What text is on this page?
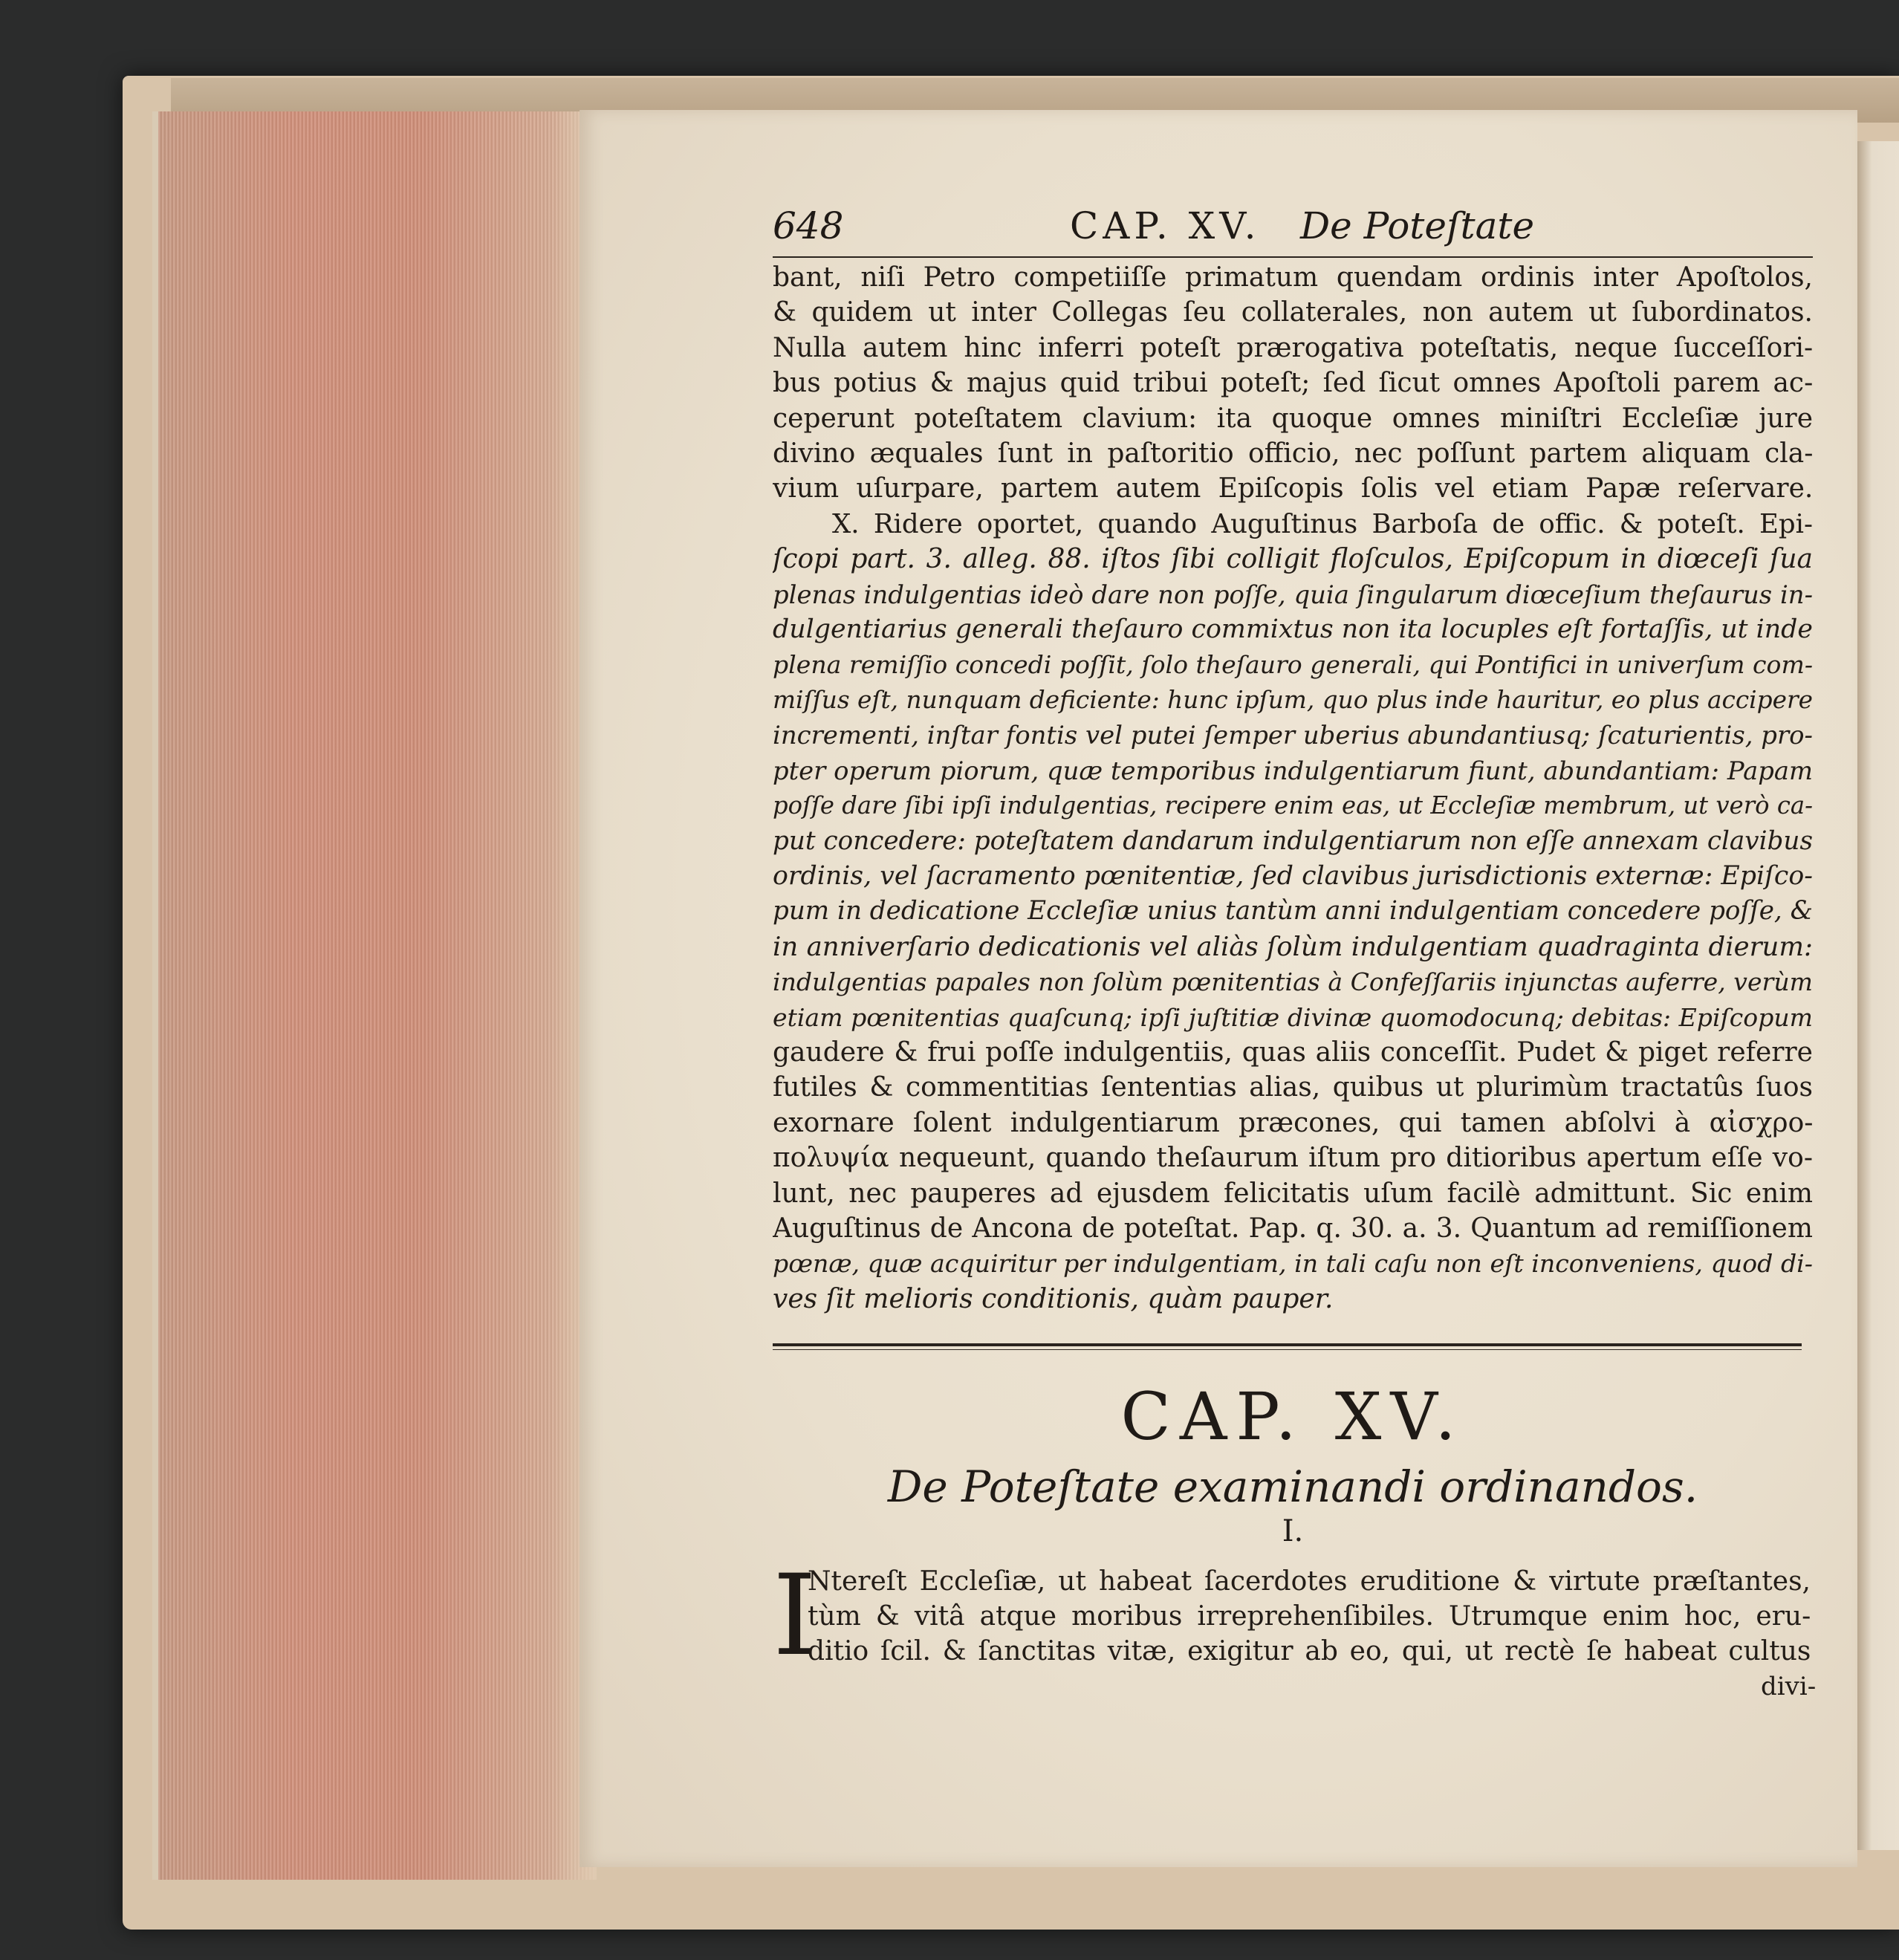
648	CAP. XV. De Poteſtate

bant, niſi Petro competiiſſe primatum quendam ordinis inter Apoſtolos,
& quidem ut inter Collegas ſeu collaterales, non autem ut ſubordinatos.
Nulla autem hinc inferri poteſt prærogativa poteſtatis, neque ſucceſſori-
bus potius & majus quid tribui poteſt; ſed ſicut omnes Apoſtoli parem ac-
ceperunt poteſtatem clavium: ita quoque omnes miniſtri Eccleſiæ jure
divino æquales ſunt in paſtoritio officio, nec poſſunt partem aliquam cla-
vium uſurpare, partem autem Epiſcopis ſolis vel etiam Papæ reſervare.

X. Ridere oportet, quando Auguſtinus Barboſa de offic. & poteſt. Epi-
ſcopi part. 3. alleg. 88. iſtos ſibi colligit floſculos, Epiſcopum in diœceſi ſua
plenas indulgentias ideò dare non poſſe, quia ſingularum diœceſium theſaurus in-
dulgentiarius generali theſauro commixtus non ita locuples eſt fortaſſis, ut inde
plena remiſſio concedi poſſit, ſolo theſauro generali, qui Pontifici in univerſum com-
miſſus eſt, nunquam deficiente: hunc ipſum, quo plus inde hauritur, eo plus accipere
incrementi, inſtar fontis vel putei ſemper uberius abundantiusq; ſcaturientis, pro-
pter operum piorum, quæ temporibus indulgentiarum fiunt, abundantiam: Papam
poſſe dare ſibi ipſi indulgentias, recipere enim eas, ut Eccleſiæ membrum, ut verò ca-
put concedere: poteſtatem dandarum indulgentiarum non eſſe annexam clavibus
ordinis, vel ſacramento pœnitentiæ, ſed clavibus jurisdictionis externæ: Epiſco-
pum in dedicatione Eccleſiæ unius tantùm anni indulgentiam concedere poſſe, &
in anniverſario dedicationis vel aliàs ſolùm indulgentiam quadraginta dierum:
indulgentias papales non ſolùm pœnitentias à Confeſſariis injunctas auferre, verùm
etiam pœnitentias quaſcunq; ipſi juſtitiæ divinæ quomodocunq; debitas: Epiſcopum
gaudere & frui poſſe indulgentiis, quas aliis conceſſit. Pudet & piget referre
futiles & commentitias ſententias alias, quibus ut plurimùm tractatûs ſuos
exornare ſolent indulgentiarum præcones, qui tamen abſolvi à αἰσχρο-
πολυψία nequeunt, quando theſaurum iſtum pro ditioribus apertum eſſe vo-
lunt, nec pauperes ad ejusdem felicitatis uſum facilè admittunt. Sic enim
Auguſtinus de Ancona de poteſtat. Pap. q. 30. a. 3. Quantum ad remiſſionem
pœnæ, quæ acquiritur per indulgentiam, in tali caſu non eſt inconveniens, quod di-
ves ſit melioris conditionis, quàm pauper.

CAP. XV.
De Poteſtate examinandi ordinandos.
I.
I
Ntereſt Eccleſiæ, ut habeat ſacerdotes eruditione & virtute præſtantes,
tùm & vitâ atque moribus irreprehenſibiles. Utrumque enim hoc, eru-
ditio ſcil. & ſanctitas vitæ, exigitur ab eo, qui, ut rectè ſe habeat cultus
divi-
